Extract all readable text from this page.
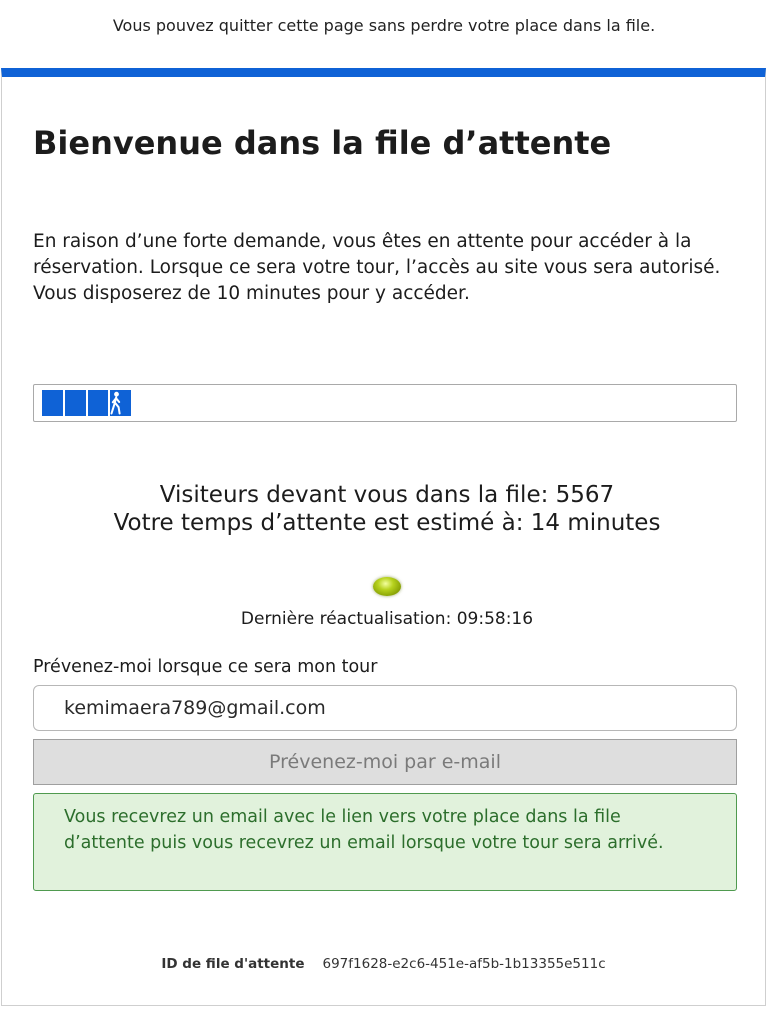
Vous pouvez quitter cette page sans perdre votre place dans la file.
Bienvenue dans la file d’attente

En raison d’une forte demande, vous êtes en attente pour accéder à la réservation. Lorsque ce sera votre tour, l’accès au site vous sera autorisé. Vous disposerez de 10 minutes pour y accéder.

Visiteurs devant vous dans la file: 5567
Votre temps d’attente est estimé à: 14 minutes
Dernière réactualisation: 09:58:16
Prévenez-moi lorsque ce sera mon tour
kemimaera789@gmail.com
Prévenez-moi par e-mail
Vous recevrez un email avec le lien vers votre place dans la file d’attente puis vous recevrez un email lorsque votre tour sera arrivé.
ID de file d'attente 697f1628-e2c6-451e-af5b-1b13355e511c
